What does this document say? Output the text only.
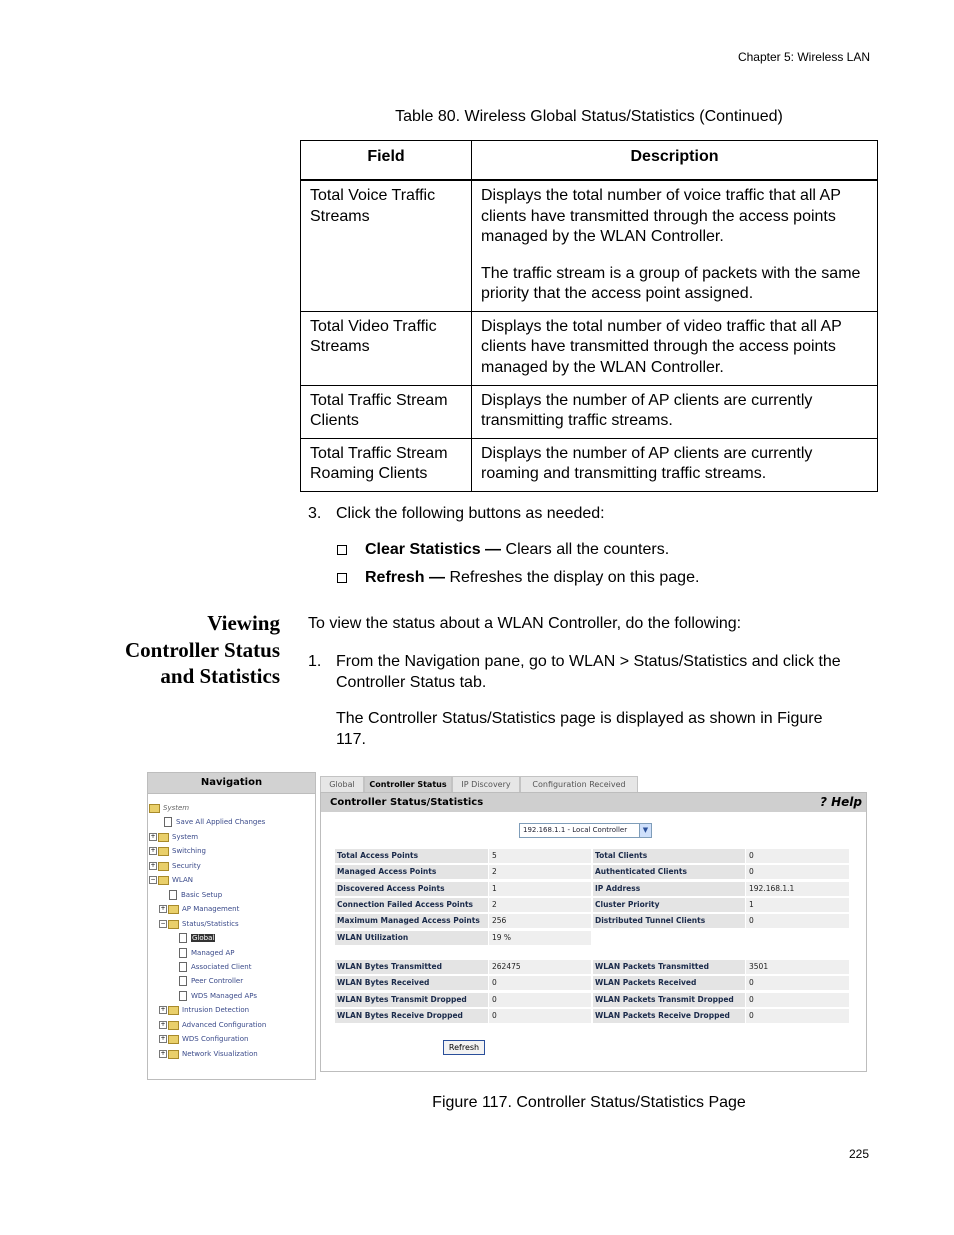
Chapter 5: Wireless LAN
Table 80. Wireless Global Status/Statistics (Continued)
Field	Description
Total Voice Traffic Streams	Displays the total number of voice traffic that all AP clients have transmitted through the access points managed by the WLAN Controller.

The traffic stream is a group of packets with the same priority that the access point assigned.

Total Video Traffic Streams	Displays the total number of video traffic that all AP clients have transmitted through the access points managed by the WLAN Controller.

Total Traffic Stream Clients	Displays the number of AP clients are currently transmitting traffic streams.

Total Traffic Stream Roaming Clients	Displays the number of AP clients are currently roaming and transmitting traffic streams.

3. Click the following buttons as needed:
Clear Statistics — Clears all the counters.
Refresh — Refreshes the display on this page.
Viewing
Controller Status
and Statistics
To view the status about a WLAN Controller, do the following:
1. From the Navigation pane, go to WLAN > Status/Statistics and click the Controller Status tab.
The Controller Status/Statistics page is displayed as shown in Figure 117.
Navigation
System
Save All Applied Changes
+ System
+ Switching
+ Security
− WLAN
Basic Setup
+ AP Management
− Status/Statistics
Global
Managed AP
Associated Client
Peer Controller
WDS Managed APs
+ Intrusion Detection
+ Advanced Configuration
+ WDS Configuration
+ Network Visualization
Global	Controller Status	IP Discovery	Configuration Received
Controller Status/Statistics	? Help
192.168.1.1 - Local Controller	▼
Total Access Points	5	Total Clients	0
Managed Access Points	2	Authenticated Clients	0
Discovered Access Points	1	IP Address	192.168.1.1
Connection Failed Access Points	2	Cluster Priority	1
Maximum Managed Access Points	256	Distributed Tunnel Clients	0
WLAN Utilization	19 %
WLAN Bytes Transmitted	262475	WLAN Packets Transmitted	3501
WLAN Bytes Received	0	WLAN Packets Received	0
WLAN Bytes Transmit Dropped	0	WLAN Packets Transmit Dropped	0
WLAN Bytes Receive Dropped	0	WLAN Packets Receive Dropped	0
Refresh
Figure 117. Controller Status/Statistics Page
225
